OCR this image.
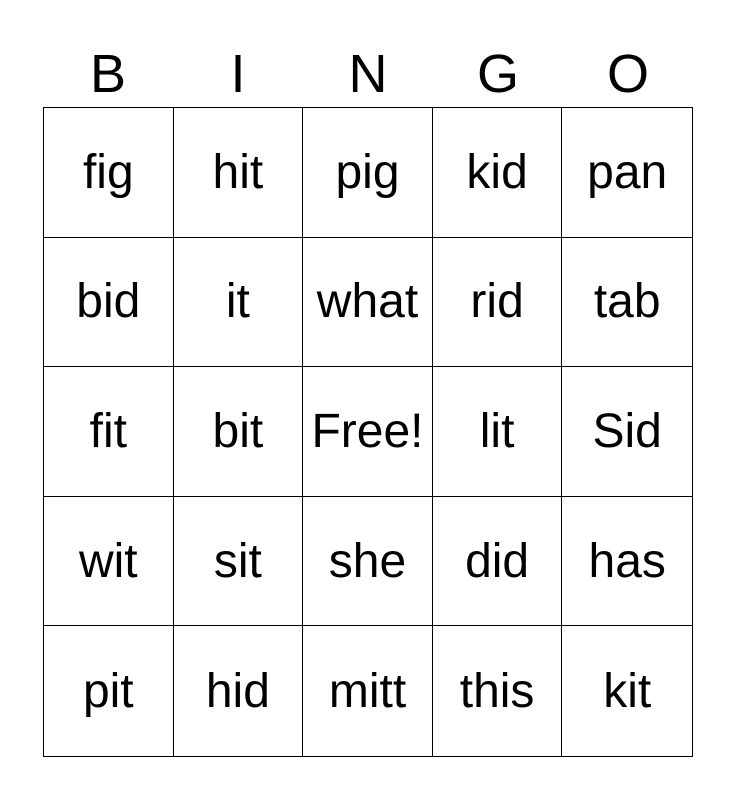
B	I	N	G	O
fig	hit	pig	kid	pan
bid	it	what	rid	tab
fit	bit	Free!	lit	Sid
wit	sit	she	did	has
pit	hid	mitt	this	kit
